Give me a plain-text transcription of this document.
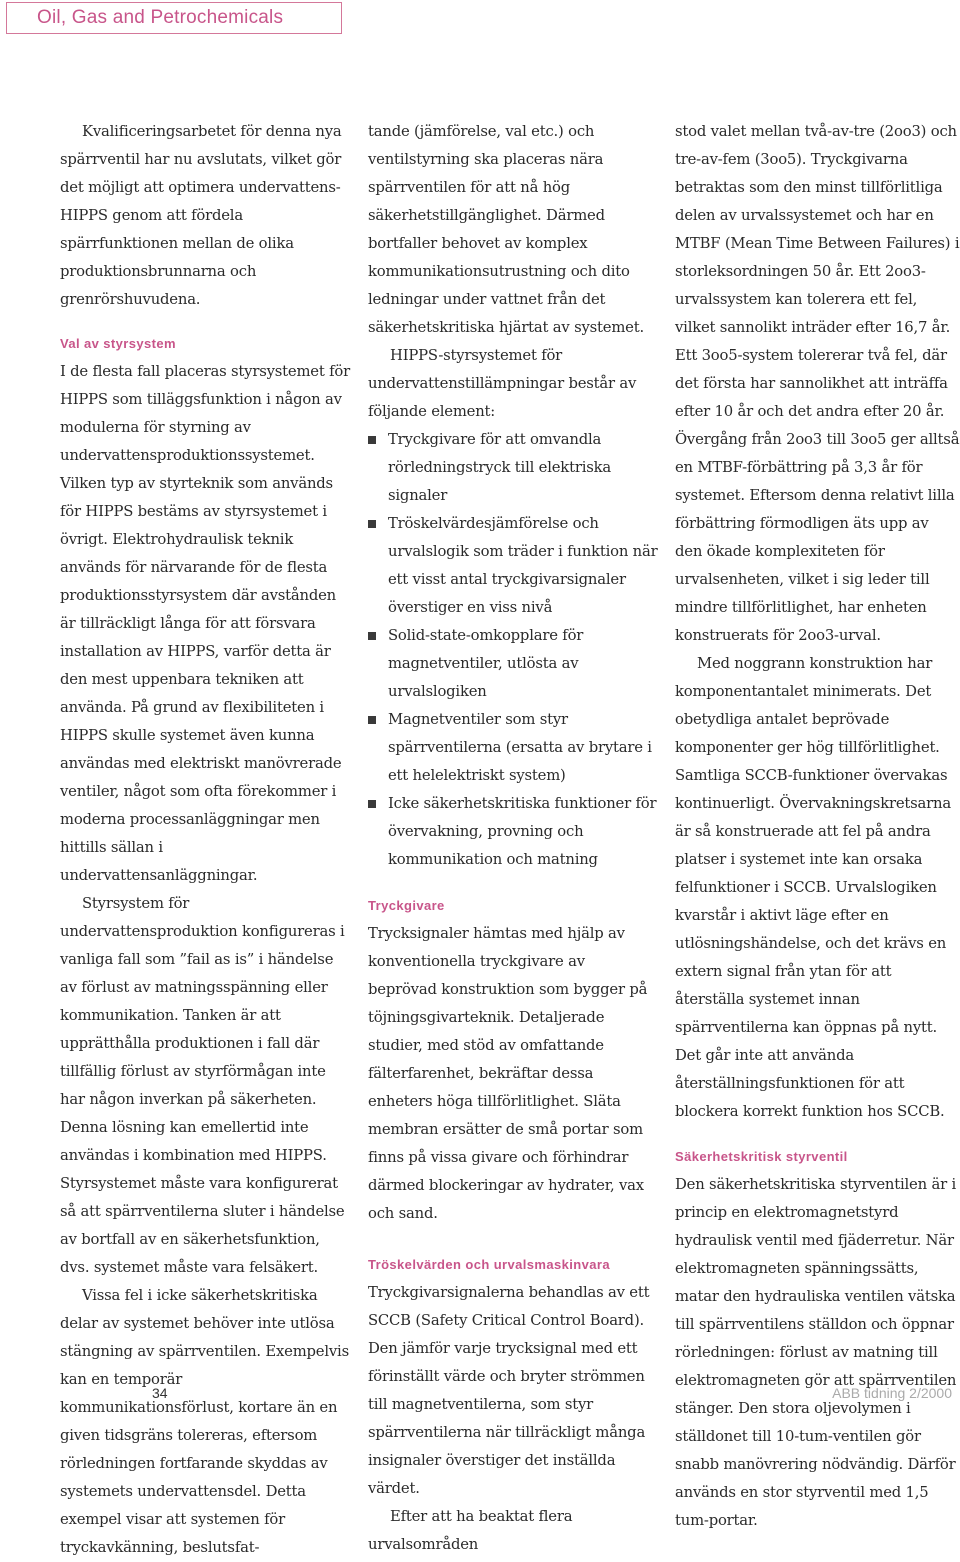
Oil, Gas and Petrochemicals

Kvalificeringsarbetet för denna nya spärrventil har nu avslutats, vilket gör det möjligt att optimera undervattens-HIPPS genom att fördela spärrfunktionen mellan de olika produktionsbrunnarna och grenrörshuvudena.

Val av styrsystem

I de flesta fall placeras styrsystemet för HIPPS som tilläggsfunktion i någon av modulerna för styrning av undervattensproduktionssystemet. Vilken typ av styrteknik som används för HIPPS bestäms av styrsystemet i övrigt. Elektrohydraulisk teknik används för närvarande för de flesta produktionsstyrsystem där avstånden är tillräckligt långa för att försvara installation av HIPPS, varför detta är den mest uppenbara tekniken att använda. På grund av flexibiliteten i HIPPS skulle systemet även kunna användas med elektriskt manövrerade ventiler, något som ofta förekommer i moderna processanläggningar men hittills sällan i undervattensanläggningar.

Styrsystem för undervattensproduktion konfigureras i vanliga fall som ”fail as is” i händelse av förlust av matningsspänning eller kommunikation. Tanken är att upprätthålla produktionen i fall där tillfällig förlust av styrförmågan inte har någon inverkan på säkerheten. Denna lösning kan emellertid inte användas i kombination med HIPPS. Styrsystemet måste vara konfigurerat så att spärrventilerna sluter i händelse av bortfall av en säkerhetsfunktion, dvs. systemet måste vara felsäkert.

Vissa fel i icke säkerhetskritiska delar av systemet behöver inte utlösa stängning av spärrventilen. Exempelvis kan en temporär kommunikationsförlust, kortare än en given tidsgräns tolereras, eftersom rörledningen fortfarande skyddas av systemets undervattensdel. Detta exempel visar att systemen för tryckavkänning, beslutsfat-

tande (jämförelse, val etc.) och ventilstyrning ska placeras nära spärrventilen för att nå hög säkerhetstillgänglighet. Därmed bortfaller behovet av komplex kommunikationsutrustning och dito ledningar under vattnet från det säkerhetskritiska hjärtat av systemet.

HIPPS-styrsystemet för undervattenstillämpningar består av följande element:

Tryckgivare för att omvandla rörledningstryck till elektriska signaler
Tröskelvärdesjämförelse och urvalslogik som träder i funktion när ett visst antal tryckgivarsignaler överstiger en viss nivå
Solid-state-omkopplare för magnetventiler, utlösta av urvalslogiken
Magnetventiler som styr spärrventilerna (ersatta av brytare i ett helelektriskt system)
Icke säkerhetskritiska funktioner för övervakning, provning och kommunikation och matning

Tryckgivare

Trycksignaler hämtas med hjälp av konventionella tryckgivare av beprövad konstruktion som bygger på töjningsgivarteknik. Detaljerade studier, med stöd av omfattande fälterfarenhet, bekräftar dessa enheters höga tillförlitlighet. Släta membran ersätter de små portar som finns på vissa givare och förhindrar därmed blockeringar av hydrater, vax och sand.

Tröskelvärden och urvalsmaskinvara

Tryckgivarsignalerna behandlas av ett SCCB (Safety Critical Control Board). Den jämför varje trycksignal med ett förinställt värde och bryter strömmen till magnetventilerna, som styr spärrventilerna när tillräckligt många insignaler överstiger det inställda värdet.

Efter att ha beaktat flera urvalsområden

stod valet mellan två-av-tre (2oo3) och tre-av-fem (3oo5). Tryckgivarna betraktas som den minst tillförlitliga delen av urvalssystemet och har en MTBF (Mean Time Between Failures) i storleksordningen 50 år. Ett 2oo3-urvalssystem kan tolerera ett fel, vilket sannolikt inträder efter 16,7 år. Ett 3oo5-system tolererar två fel, där det första har sannolikhet att inträffa efter 10 år och det andra efter 20 år. Övergång från 2oo3 till 3oo5 ger alltså en MTBF-förbättring på 3,3 år för systemet. Eftersom denna relativt lilla förbättring förmodligen äts upp av den ökade komplexiteten för urvalsenheten, vilket i sig leder till mindre tillförlitlighet, har enheten konstruerats för 2oo3-urval.

Med noggrann konstruktion har komponentantalet minimerats. Det obetydliga antalet beprövade komponenter ger hög tillförlitlighet. Samtliga SCCB-funktioner övervakas kontinuerligt. Övervakningskretsarna är så konstruerade att fel på andra platser i systemet inte kan orsaka felfunktioner i SCCB. Urvalslogiken kvarstår i aktivt läge efter en utlösningshändelse, och det krävs en extern signal från ytan för att återställa systemet innan spärrventilerna kan öppnas på nytt. Det går inte att använda återställningsfunktionen för att blockera korrekt funktion hos SCCB.

Säkerhetskritisk styrventil

Den säkerhetskritiska styrventilen är i princip en elektromagnetstyrd hydraulisk ventil med fjäderretur. När elektromagneten spänningssätts, matar den hydrauliska ventilen vätska till spärrventilens ställdon och öppnar rörledningen: förlust av matning till elektromagneten gör att spärrventilen stänger. Den stora oljevolymen i ställdonet till 10-tum-ventilen gör snabb manövrering nödvändig. Därför används en stor styrventil med 1,5 tum-portar.

34	ABB tidning 2/2000
